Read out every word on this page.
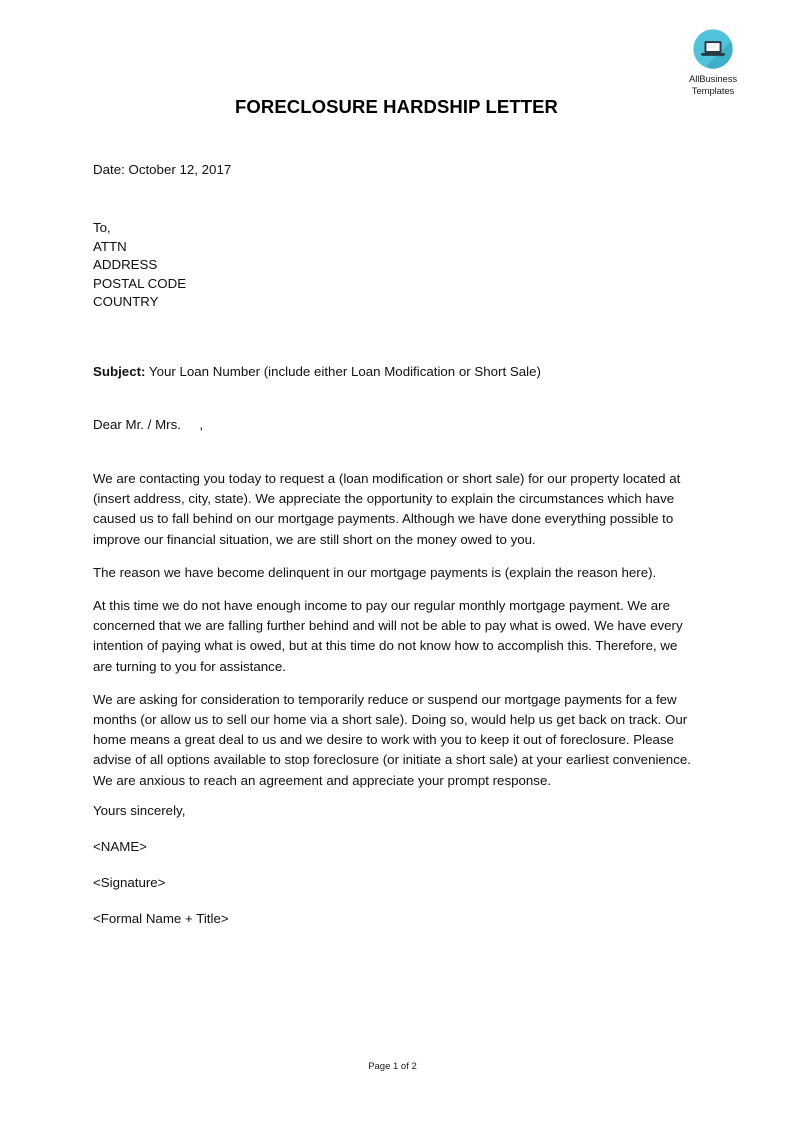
AllBusiness
Templates
FORECLOSURE HARDSHIP LETTER
Date: October 12, 2017
To,
ATTN
ADDRESS
POSTAL CODE
COUNTRY
Subject: Your Loan Number (include either Loan Modification or Short Sale)
Dear Mr. / Mrs.     ,

We are contacting you today to request a (loan modification or short sale) for our property located at (insert address, city, state). We appreciate the opportunity to explain the circumstances which have caused us to fall behind on our mortgage payments. Although we have done everything possible to improve our financial situation, we are still short on the money owed to you.

The reason we have become delinquent in our mortgage payments is (explain the reason here).

At this time we do not have enough income to pay our regular monthly mortgage payment. We are concerned that we are falling further behind and will not be able to pay what is owed. We have every intention of paying what is owed, but at this time do not know how to accomplish this. Therefore, we are turning to you for assistance.

We are asking for consideration to temporarily reduce or suspend our mortgage payments for a few months (or allow us to sell our home via a short sale). Doing so, would help us get back on track. Our home means a great deal to us and we desire to work with you to keep it out of foreclosure. Please advise of all options available to stop foreclosure (or initiate a short sale) at your earliest convenience. We are anxious to reach an agreement and appreciate your prompt response.

Yours sincerely,

<NAME>

<Signature>

<Formal Name + Title>

Page 1 of 2
